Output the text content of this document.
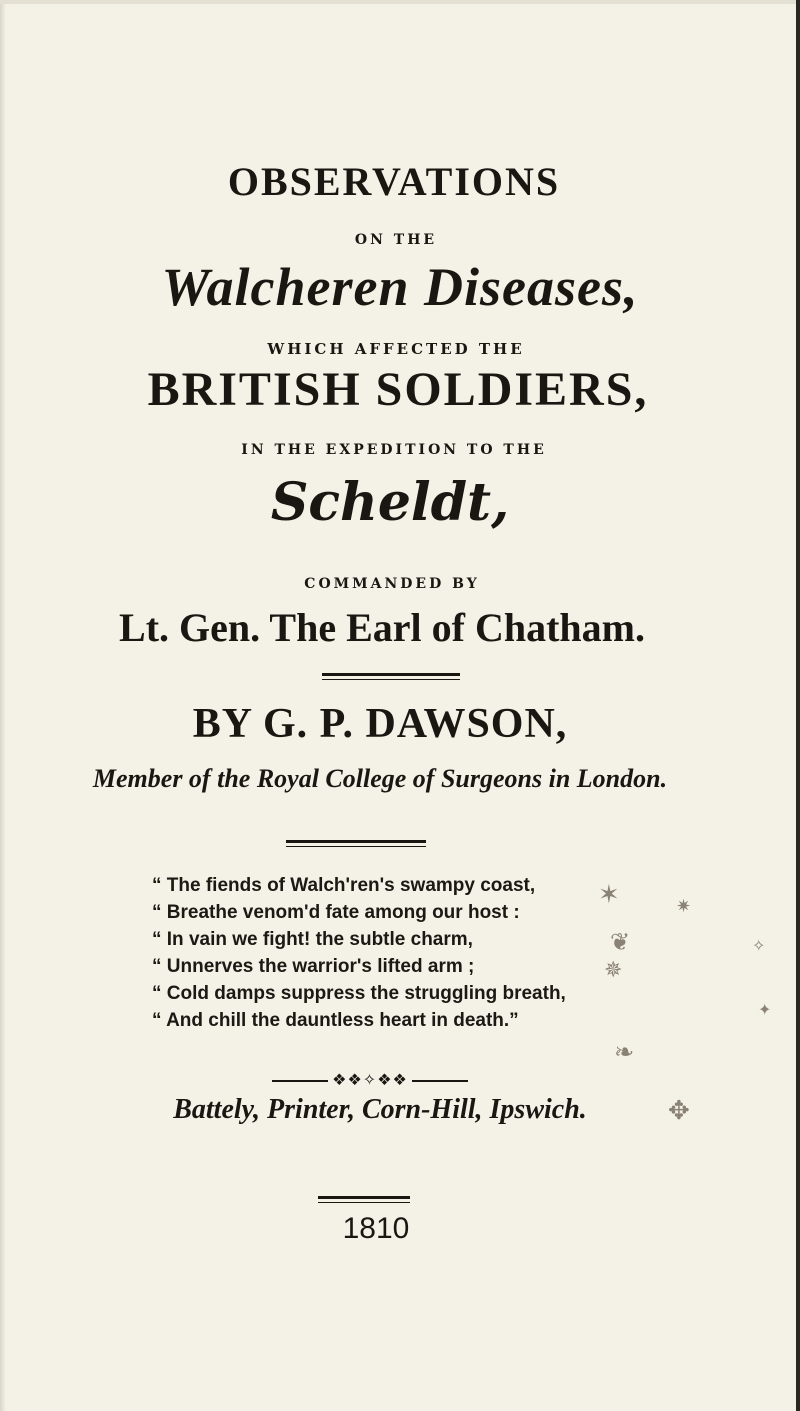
OBSERVATIONS
ON THE
Walcheren Diseases,
WHICH AFFECTED THE
BRITISH SOLDIERS,
IN THE EXPEDITION TO THE
Scheldt,
COMMANDED BY
Lt. Gen. The Earl of Chatham.
BY G. P. DAWSON,
Member of the Royal College of Surgeons in London.
“ The fiends of Walch'ren's swampy coast,
“ Breathe venom'd fate among our host :
“ In vain we fight! the subtle charm,
“ Unnerves the warrior's lifted arm ;
“ Cold damps suppress the struggling breath,
“ And chill the dauntless heart in death.”
❖❖✧❖❖
Battely, Printer, Corn-Hill, Ipswich.
1810
✶	✷
❦
✵
❧
✥
✧
✦
